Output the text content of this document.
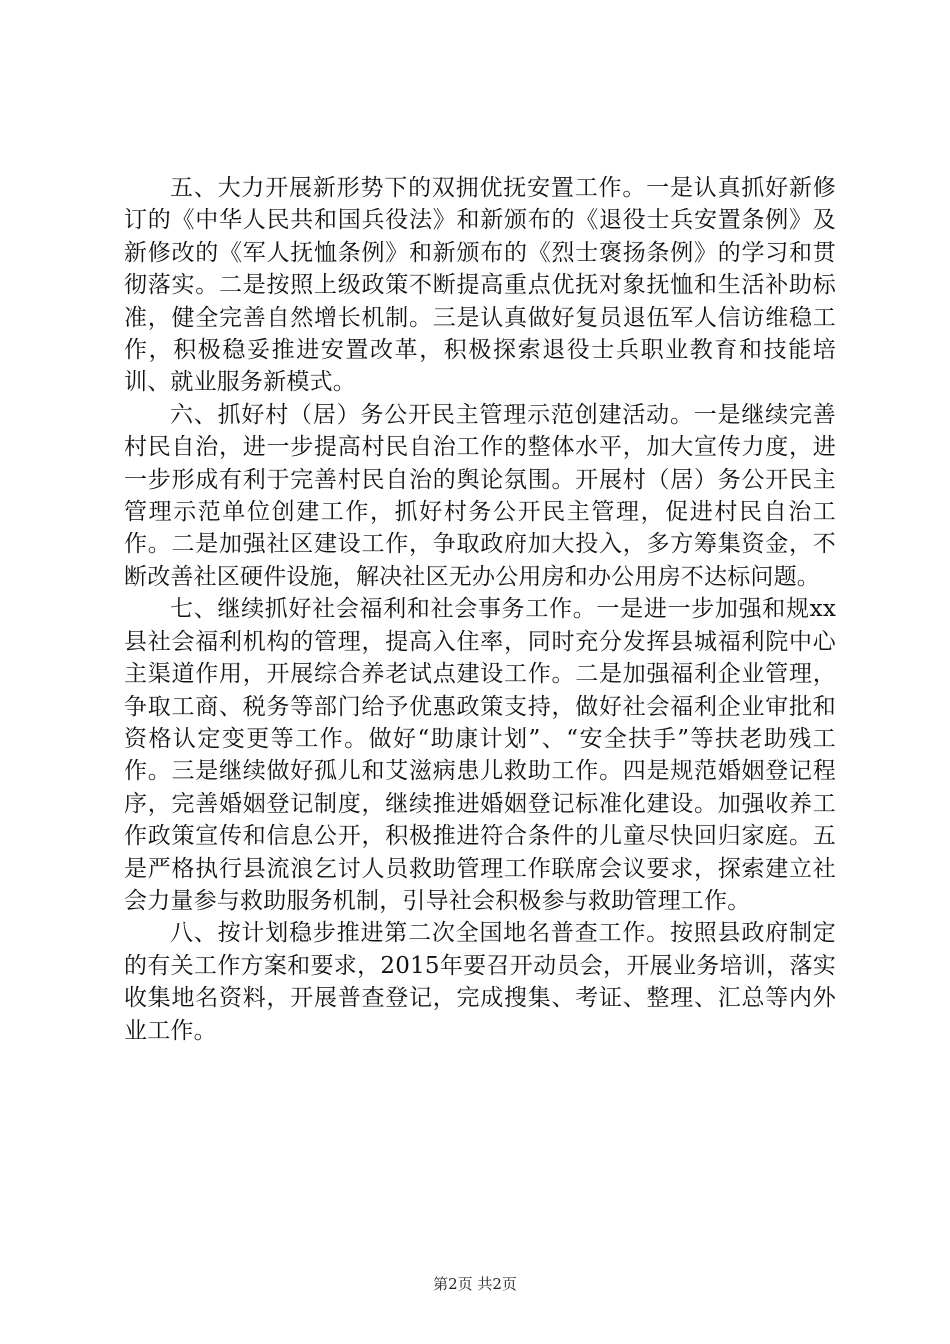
五、大力开展新形势下的双拥优抚安置工作。一是认真抓好新修订的《中华人民共和国兵役法》和新颁布的《退役士兵安置条例》及新修改的《军人抚恤条例》和新颁布的《烈士褒扬条例》的学习和贯彻落实。二是按照上级政策不断提高重点优抚对象抚恤和生活补助标准，健全完善自然增长机制。三是认真做好复员退伍军人信访维稳工作，积极稳妥推进安置改革，积极探索退役士兵职业教育和技能培训、就业服务新模式。

六、抓好村（居）务公开民主管理示范创建活动。一是继续完善村民自治，进一步提高村民自治工作的整体水平，加大宣传力度，进一步形成有利于完善村民自治的舆论氛围。开展村（居）务公开民主管理示范单位创建工作，抓好村务公开民主管理，促进村民自治工作。二是加强社区建设工作，争取政府加大投入，多方筹集资金，不断改善社区硬件设施，解决社区无办公用房和办公用房不达标问题。

七、继续抓好社会福利和社会事务工作。一是进一步加强和规xx县社会福利机构的管理，提高入住率，同时充分发挥县城福利院中心主渠道作用，开展综合养老试点建设工作。二是加强福利企业管理，争取工商、税务等部门给予优惠政策支持，做好社会福利企业审批和资格认定变更等工作。做好“助康计划”、“安全扶手”等扶老助残工作。三是继续做好孤儿和艾滋病患儿救助工作。四是规范婚姻登记程序，完善婚姻登记制度，继续推进婚姻登记标准化建设。加强收养工作政策宣传和信息公开，积极推进符合条件的儿童尽快回归家庭。五是严格执行县流浪乞讨人员救助管理工作联席会议要求，探索建立社会力量参与救助服务机制，引导社会积极参与救助管理工作。

八、按计划稳步推进第二次全国地名普查工作。按照县政府制定的有关工作方案和要求，2015年要召开动员会，开展业务培训，落实收集地名资料，开展普查登记，完成搜集、考证、整理、汇总等内外业工作。

第2页 共2页
